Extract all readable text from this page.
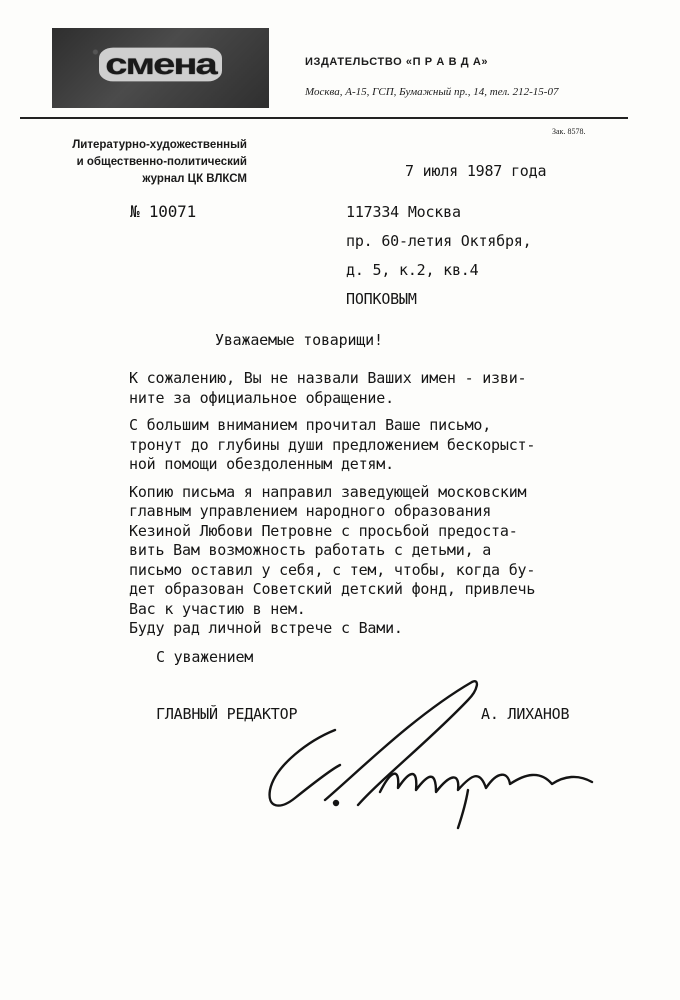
смена	ИЗДАТЕЛЬСТВО «П Р А В Д А»
Москва, А-15, ГСП, Бумажный пр., 14, тел. 212-15-07
Зак. 8578.
Литературно-художественный
и общественно-политический
журнал ЦК ВЛКСМ	7 июля 1987 года
№ 10071	117334 Москва
пр. 60-летия Октября,
д. 5, к.2, кв.4
ПОПКОВЫМ
Уважаемые товарищи!

К сожалению, Вы не назвали Ваших имен - изви-
ните за официальное обращение.

С большим вниманием прочитал Ваше письмо,
тронут до глубины души предложением бескорыст-
ной помощи обездоленным детям.

Копию письма я направил заведующей московским
главным управлением народного образования
Кезиной Любови Петровне с просьбой предоста-
вить Вам возможность работать с детьми, а
письмо оставил у себя, с тем, чтобы, когда бу-
дет образован Советский детский фонд, привлечь
Вас к участию в нем.

Буду рад личной встрече с Вами.

С уважением
ГЛАВНЫЙ РЕДАКТОР	А. ЛИХАНОВ
